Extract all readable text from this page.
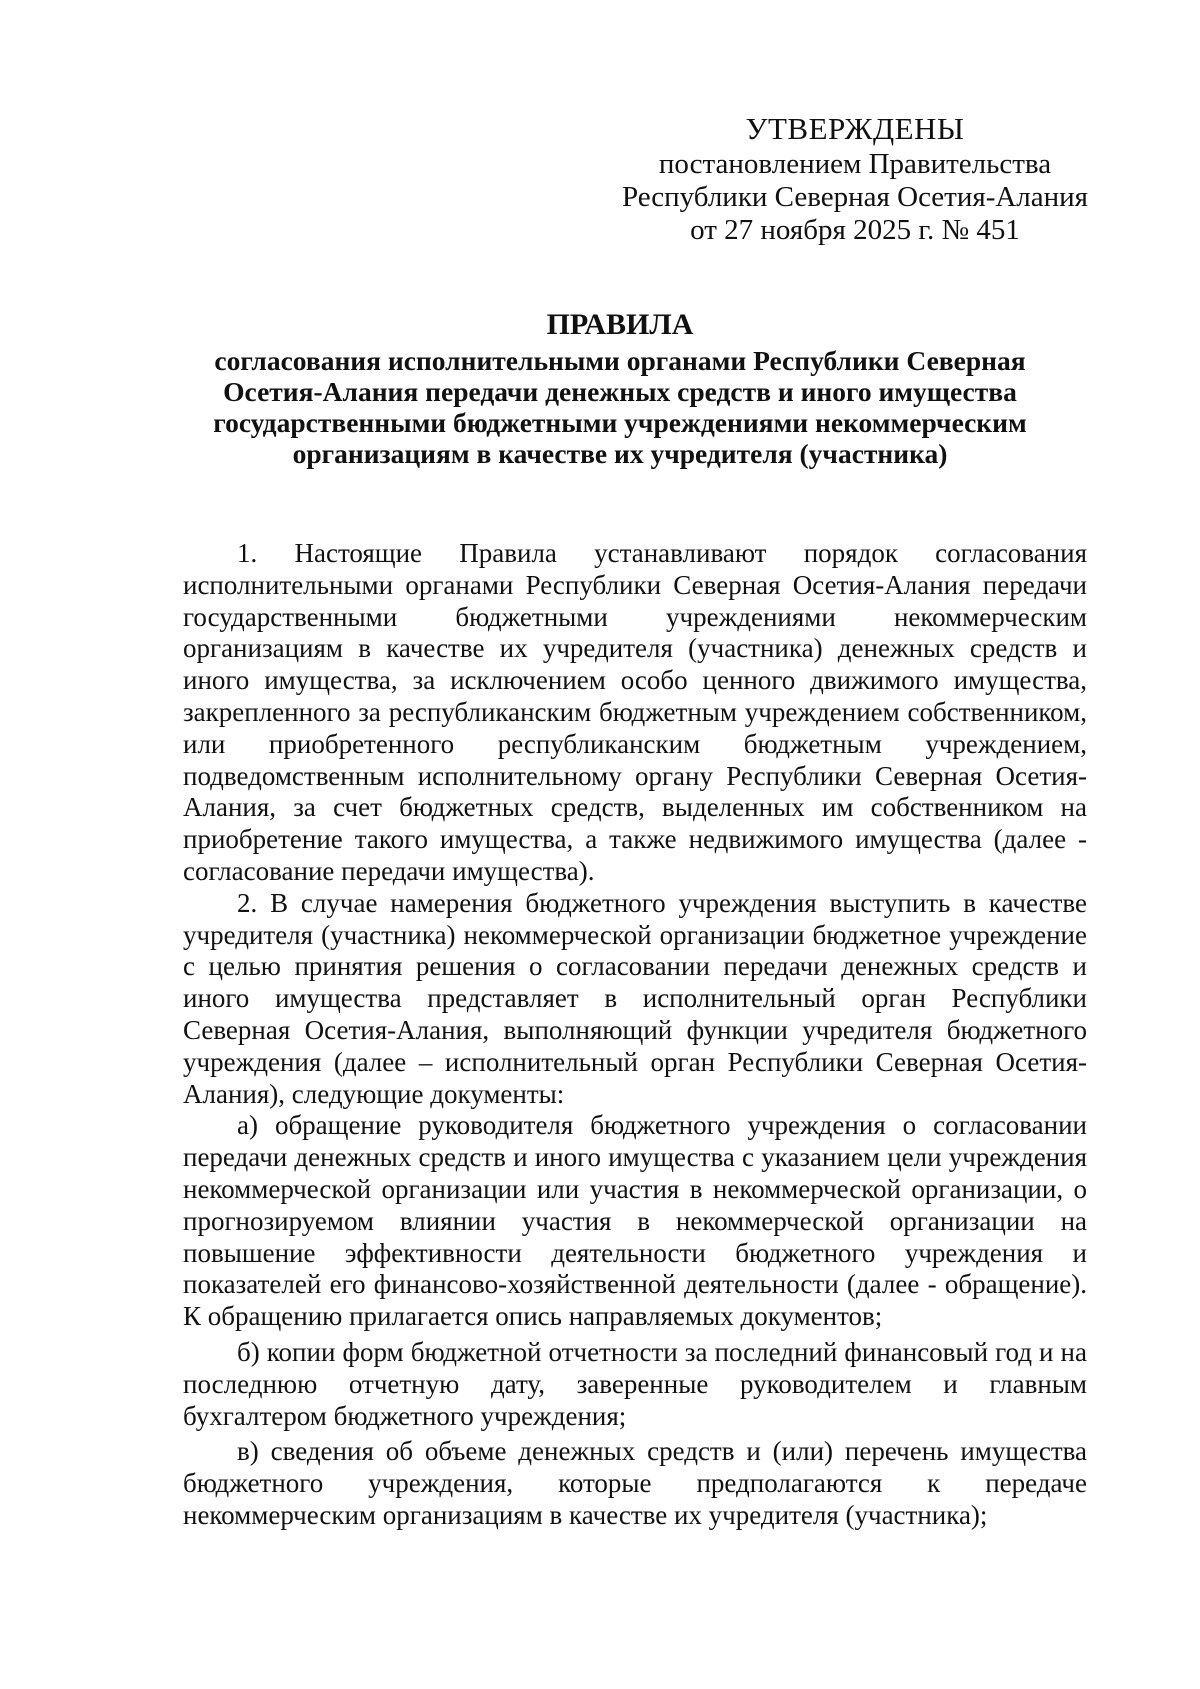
УТВЕРЖДЕНЫ
постановлением Правительства
Республики Северная Осетия-Алания
от 27 ноября 2025 г. № 451
ПРАВИЛА
согласования исполнительными органами Республики Северная Осетия-Алания передачи денежных средств и иного имущества государственными бюджетными учреждениями некоммерческим организациям в качестве их учредителя (участника)

1. Настоящие Правила устанавливают порядок согласования исполнительными органами Республики Северная Осетия-Алания передачи государственными бюджетными учреждениями некоммерческим организациям в качестве их учредителя (участника) денежных средств и иного имущества, за исключением особо ценного движимого имущества, закрепленного за республиканским бюджетным учреждением собственником, или приобретенного республиканским бюджетным учреждением, подведомственным исполнительному органу Республики Северная Осетия-Алания, за счет бюджетных средств, выделенных им собственником на приобретение такого имущества, а также недвижимого имущества (далее - согласование передачи имущества).

2. В случае намерения бюджетного учреждения выступить в качестве учредителя (участника) некоммерческой организации бюджетное учреждение с целью принятия решения о согласовании передачи денежных средств и иного имущества представляет в исполнительный орган Республики Северная Осетия-Алания, выполняющий функции учредителя бюджетного учреждения (далее – исполнительный орган Республики Северная Осетия-Алания), следующие документы:

а) обращение руководителя бюджетного учреждения о согласовании передачи денежных средств и иного имущества с указанием цели учреждения некоммерческой организации или участия в некоммерческой организации, о прогнозируемом влиянии участия в некоммерческой организации на повышение эффективности деятельности бюджетного учреждения и показателей его финансово-хозяйственной деятельности (далее - обращение). К обращению прилагается опись направляемых документов;

б) копии форм бюджетной отчетности за последний финансовый год и на последнюю отчетную дату, заверенные руководителем и главным бухгалтером бюджетного учреждения;

в) сведения об объеме денежных средств и (или) перечень имущества бюджетного учреждения, которые предполагаются к передаче некоммерческим организациям в качестве их учредителя (участника);
